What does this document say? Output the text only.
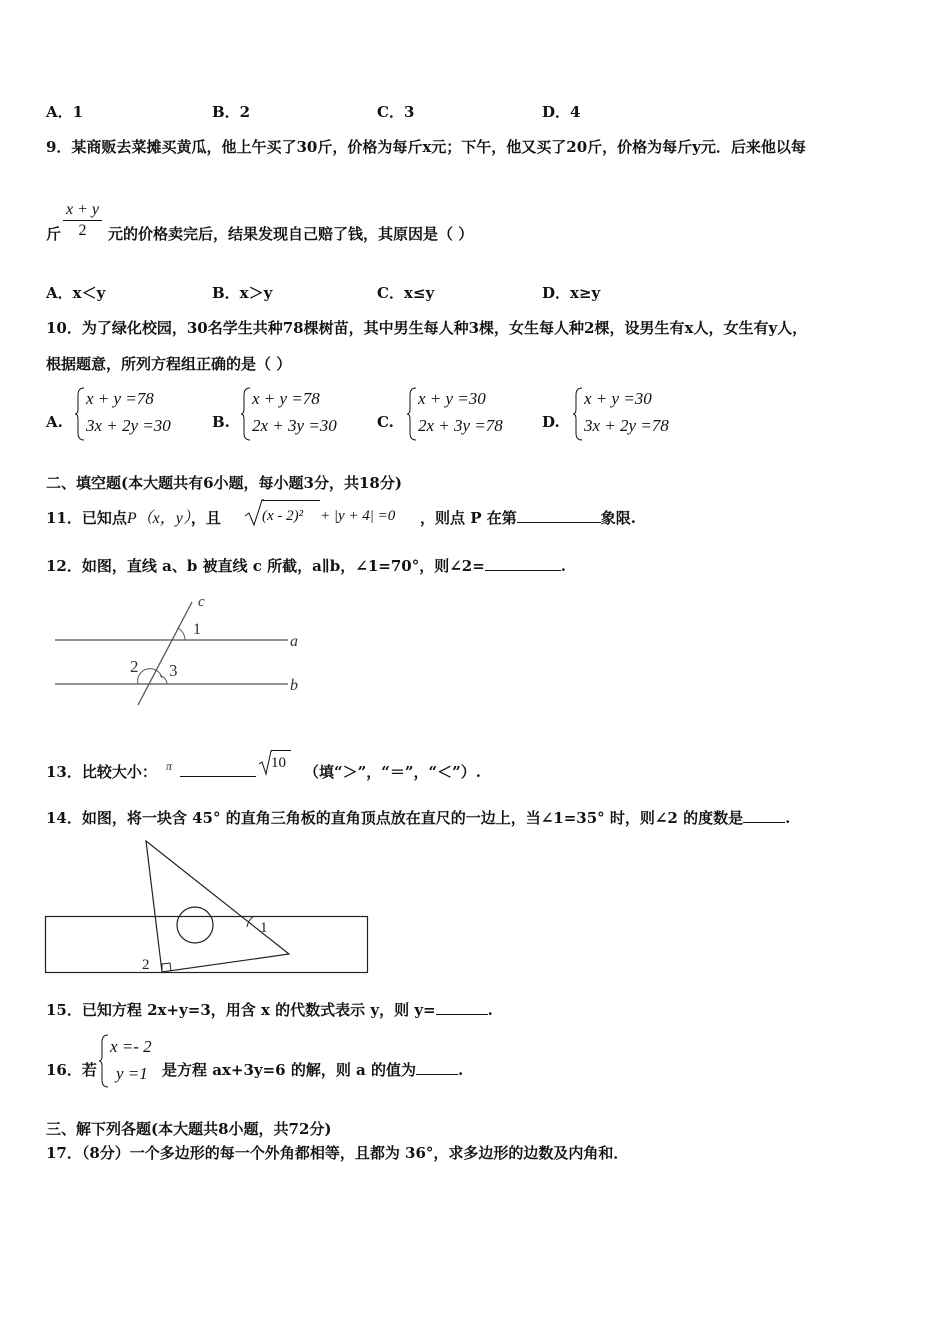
A．1	B．2	C．3	D．4
9．某商贩去菜摊买黄瓜，他上午买了30斤，价格为每斤x元；下午，他又买了20斤，价格为每斤y元．后来他以每
斤 $\frac{x + y}{2}$ 元的价格卖完后，结果发现自己赔了钱，其原因是（ ）
A．x＜y	B．x＞y	C．x≤y	D．x≥y
10．为了绿化校园，30名学生共种78棵树苗，其中男生每人种3棵，女生每人种2棵，设男生有x人，女生有y人，
根据题意，所列方程组正确的是（ ）
A.
x + y =78
3x + 2y =30	B.
x + y =78
2x + 3y =30	C.
x + y =30
2x + 3y =78	D.
x + y =30
3x + 2y =78
二、填空题(本大题共有6小题，每小题3分，共18分)
11．已知点P（x，y），且	(x - 2)² + |y + 4| =0 ，则点 P 在第	象限.
12．如图，直线 a、b 被直线 c 所截，a∥b，∠1=70°，则∠2=	.
c
1
a
2 3
b
13．比较大小： π	10 （填“＞”，“＝”，“＜”）.
14．如图，将一块含 45° 的直角三角板的直角顶点放在直尺的一边上，当∠1=35° 时，则∠2 的度数是	.
1
2
15．已知方程 2x+y=3，用含 x 的代数式表示 y，则 y=	.
16．若
x =- 2
y =1 是方程 ax+3y=6 的解，则 a 的值为	.
三、解下列各题(本大题共8小题，共72分)
17．（8分）一个多边形的每一个外角都相等，且都为 36°，求多边形的边数及内角和．
